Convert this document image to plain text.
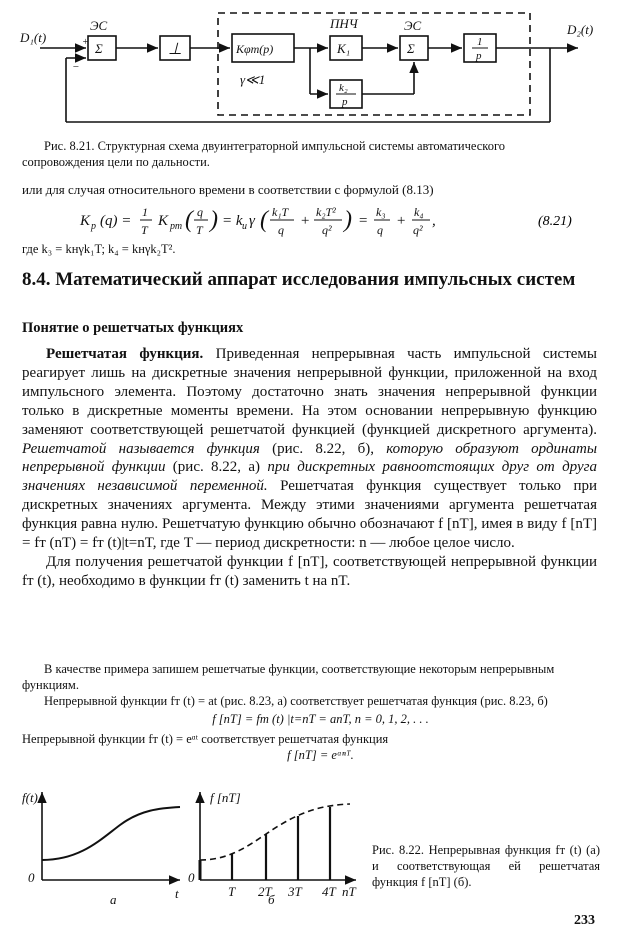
D₁(t)
D₂(t)
ЭС	ЭС
ПНЧ
Σ	Σ
⊥	Kφт(p)	K₁
k₂
p
1
p
γ≪1
+
−
Рис. 8.21. Структурная схема двуинтеграторной импульсной системы автоматического сопровождения цели по дальности.
или для случая относительного времени в соответствии с формулой (8.13)
K р (q) =
1
T
K рт ( q
T ) = k и γ ( k₁T
q
+
k₂T²
q² ) =
k₃
q
+
k₄
q²
,	(8.21)
где k₃ = kнγk₁T; k₄ = kнγk₂T².
8.4. Математический аппарат исследования импульсных систем
Понятие о решетчатых функциях

Решетчатая функция. Приведенная непрерывная часть импульсной системы реагирует лишь на дискретные значения непрерывной функции, приложенной на вход импульсного элемента. Поэтому достаточно знать значения непрерывной функции только в дискретные моменты времени. На этом основании непрерывную функцию заменяют соответствующей решетчатой функцией (функцией дискретного аргумента). Решетчатой называется функция (рис. 8.22, б), которую образуют ординаты непрерывной функции (рис. 8.22, а) при дискретных равноотстоящих друг от друга значениях независимой переменной. Решетчатая функция существует только при дискретных значениях аргумента. Между этими значениями аргумента решетчатая функция равна нулю. Решетчатую функцию обычно обозначают f [nT], имея в виду f [nT] = fт (nT) = fт (t)|t=nT, где T — период дискретности: n — любое целое число.

Для получения решетчатой функции f [nT], соответствующей непрерывной функции fт (t), необходимо в функции fт (t) заменить t на nT.

В качестве примера запишем решетчатые функции, соответствующие некоторым непрерывным функциям.

Непрерывной функции fт (t) = at (рис. 8.23, а) соответствует решетчатая функция (рис. 8.23, б)

f [nT] = fт (t) |t=nT = anT, n = 0, 1, 2, . . .

Непрерывной функции fт (t) = eᵅᵗ соответствует решетчатая функция

f [nT] = eᵅⁿᵀ.

f(t)
0
t
а
f [nT]
0
T 2T 3T 4T nT
б
Рис. 8.22. Непрерывная функция fт (t) (а) и соответствующая ей решетчатая функция f [nT] (б).
233
